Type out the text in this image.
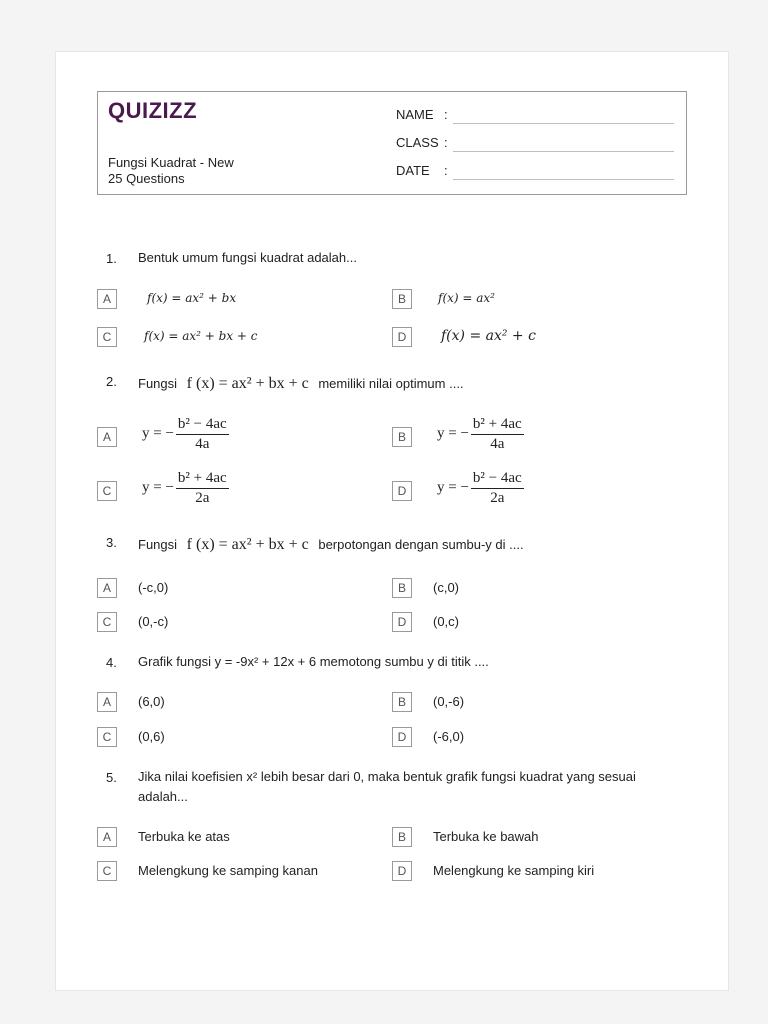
QUIZIZZ
Fungsi Kuadrat - New
25 Questions
NAME :
CLASS :
DATE :
1. Bentuk umum fungsi kuadrat adalah...
A	f(x) = ax² + bx	B	f(x) = ax²
C	f(x) = ax² + bx + c	D	f(x) = ax² + c
2. Fungsi f (x) = ax² + bx + c memiliki nilai optimum ....
A	y = − $\frac{\text{b² − 4ac}}{4a}$	B	y = − $\frac{\text{b² + 4ac}}{4a}$
C	y = − $\frac{\text{b² + 4ac}}{2a}$	D	y = − $\frac{\text{b² − 4ac}}{2a}$
3. Fungsi f (x) = ax² + bx + c berpotongan dengan sumbu-y di ....
A	(-c,0)	B	(c,0)
C	(0,-c)	D	(0,c)
4. Grafik fungsi y = -9x² + 12x + 6 memotong sumbu y di titik ....
A	(6,0)	B	(0,-6)
C	(0,6)	D	(-6,0)
5. Jika nilai koefisien x² lebih besar dari 0, maka bentuk grafik fungsi kuadrat yang sesuai
adalah...
A	Terbuka ke atas	B	Terbuka ke bawah
C	Melengkung ke samping kanan	D	Melengkung ke samping kiri
